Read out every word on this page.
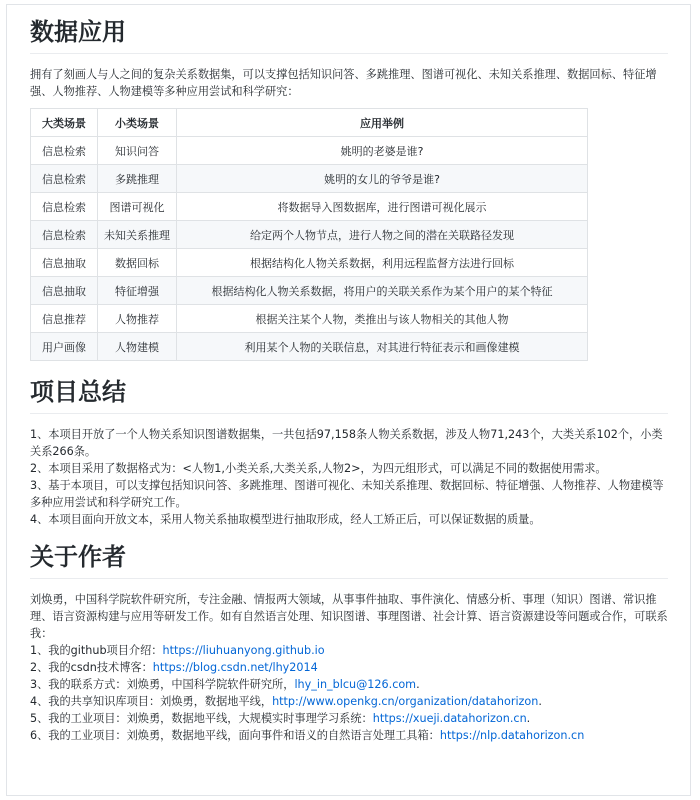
数据应用

拥有了刻画人与人之间的复杂关系数据集，可以支撑包括知识问答、多跳推理、图谱可视化、未知关系推理、数据回标、特征增强、人物推荐、人物建模等多种应用尝试和科学研究：

大类场景	小类场景	应用举例
信息检索	知识问答	姚明的老婆是谁?
信息检索	多跳推理	姚明的女儿的爷爷是谁?
信息检索	图谱可视化	将数据导入图数据库，进行图谱可视化展示
信息检索	未知关系推理	给定两个人物节点，进行人物之间的潜在关联路径发现
信息抽取	数据回标	根据结构化人物关系数据，利用远程监督方法进行回标
信息抽取	特征增强	根据结构化人物关系数据，将用户的关联关系作为某个用户的某个特征
信息推荐	人物推荐	根据关注某个人物，类推出与该人物相关的其他人物
用户画像	人物建模	利用某个人物的关联信息，对其进行特征表示和画像建模
项目总结
1、本项目开放了一个人物关系知识图谱数据集，一共包括97,158条人物关系数据，涉及人物71,243个，大类关系102个，小类关系266条。
2、本项目采用了数据格式为：<人物1,小类关系,大类关系,人物2>，为四元组形式，可以满足不同的数据使用需求。
3、基于本项目，可以支撑包括知识问答、多跳推理、图谱可视化、未知关系推理、数据回标、特征增强、人物推荐、人物建模等多种应用尝试和科学研究工作。
4、本项目面向开放文本，采用人物关系抽取模型进行抽取形成，经人工矫正后，可以保证数据的质量。
关于作者

刘焕勇，中国科学院软件研究所，专注金融、情报两大领域，从事事件抽取、事件演化、情感分析、事理（知识）图谱、常识推理、语言资源构建与应用等研发工作。如有自然语言处理、知识图谱、事理图谱、社会计算、语言资源建设等问题或合作，可联系我：

1、我的github项目介绍：https://liuhuanyong.github.io
2、我的csdn技术博客：https://blog.csdn.net/lhy2014
3、我的联系方式：刘焕勇，中国科学院软件研究所，lhy_in_blcu@126.com.
4、我的共享知识库项目：刘焕勇，数据地平线，http://www.openkg.cn/organization/datahorizon.
5、我的工业项目：刘焕勇，数据地平线，大规模实时事理学习系统：https://xueji.datahorizon.cn.
6、我的工业项目：刘焕勇，数据地平线，面向事件和语义的自然语言处理工具箱：https://nlp.datahorizon.cn
